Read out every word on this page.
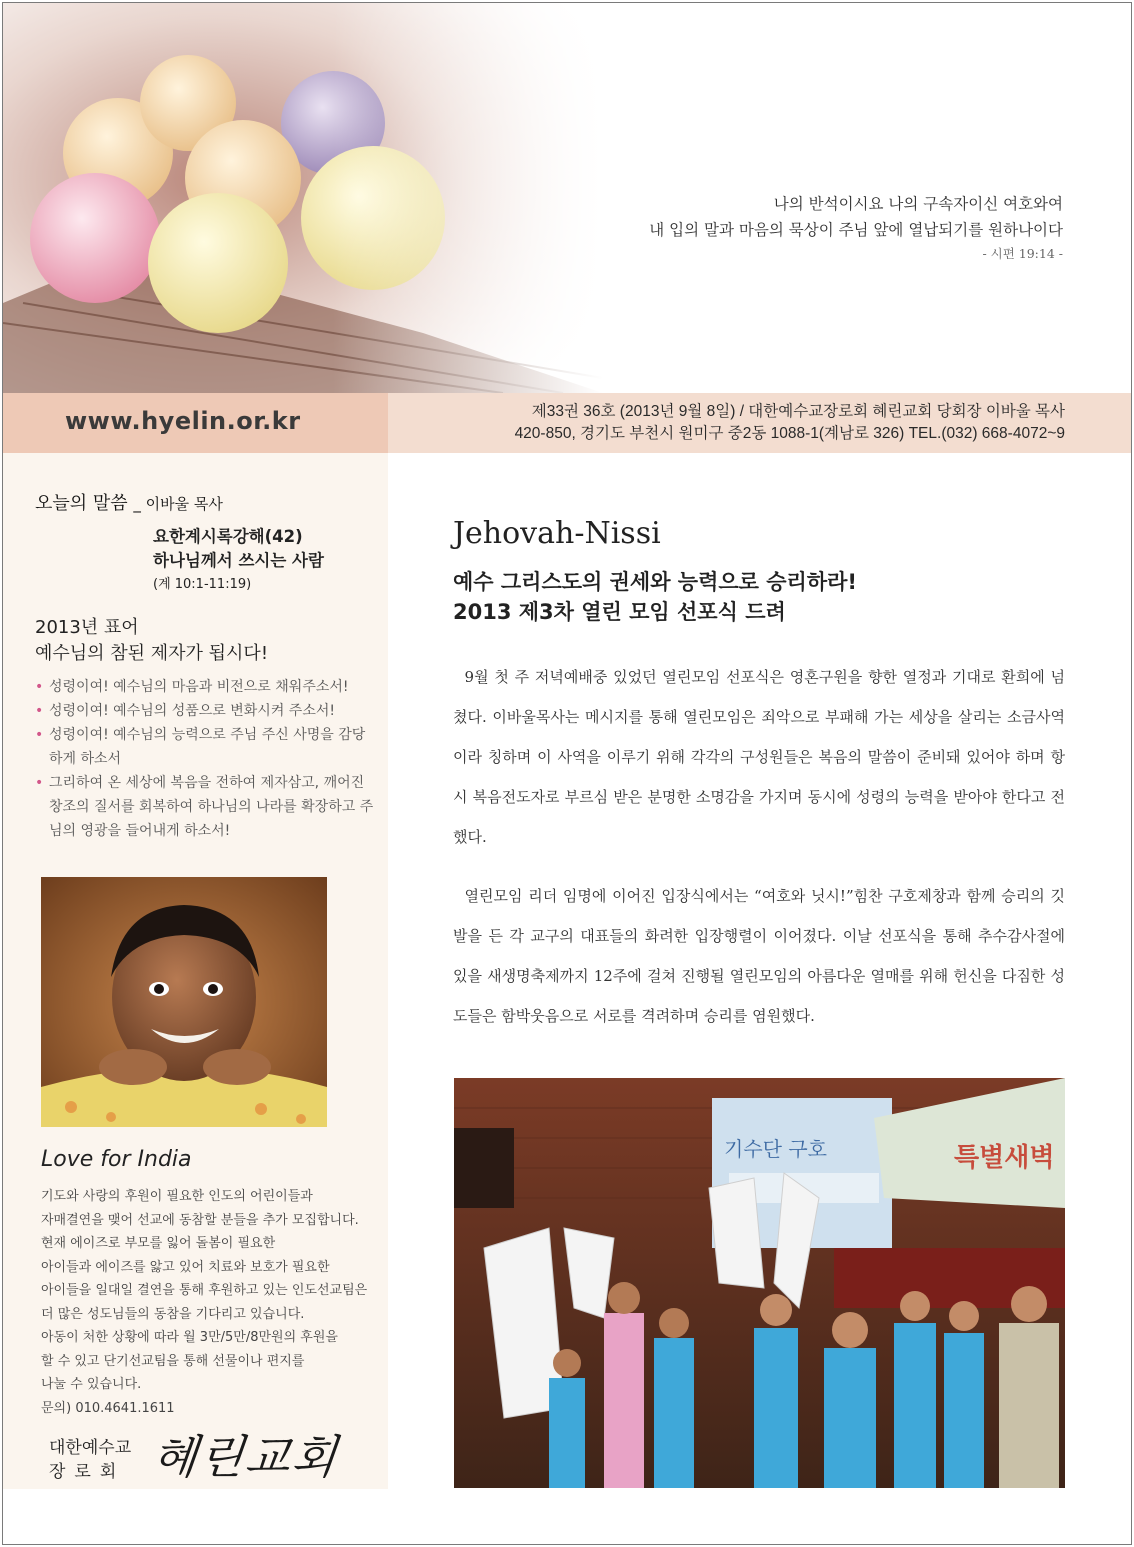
나의 반석이시요 나의 구속자이신 여호와여
내 입의 말과 마음의 묵상이 주님 앞에 열납되기를 원하나이다
- 시편 19:14 -
www.hyelin.or.kr	제33권 36호 (2013년 9월 8일) / 대한예수교장로회 혜린교회 당회장 이바울 목사
420-850, 경기도 부천시 원미구 중2동 1088-1(계남로 326) TEL.(032) 668-4072~9
오늘의 말씀 _ 이바울 목사
요한계시록강해(42)
하나님께서 쓰시는 사람
(계 10:1-11:19)
2013년 표어
예수님의 참된 제자가 됩시다!
• 성령이여! 예수님의 마음과 비전으로 채워주소서!
• 성령이여! 예수님의 성품으로 변화시켜 주소서!
• 성령이여! 예수님의 능력으로 주님 주신 사명을 감당하게 하소서
• 그리하여 온 세상에 복음을 전하여 제자삼고, 깨어진 창조의 질서를 회복하여 하나님의 나라를 확장하고 주님의 영광을 들어내게 하소서!
Love for India
기도와 사랑의 후원이 필요한 인도의 어린이들과
자매결연을 맺어 선교에 동참할 분들을 추가 모집합니다.
현재 에이즈로 부모를 잃어 돌봄이 필요한
아이들과 에이즈를 앓고 있어 치료와 보호가 필요한
아이들을 일대일 결연을 통해 후원하고 있는 인도선교팀은
더 많은 성도님들의 동참을 기다리고 있습니다.
아동이 처한 상황에 따라 월 3만/5만/8만원의 후원을
할 수 있고 단기선교팀을 통해 선물이나 편지를
나눌 수 있습니다.
문의) 010.4641.1611
대한예수교
장로회 혜린교회
Jehovah-Nissi
예수 그리스도의 권세와 능력으로 승리하라!
2013 제3차 열린 모임 선포식 드려

9월 첫 주 저녁예배중 있었던 열린모임 선포식은 영혼구원을 향한 열정과 기대로 환희에 넘쳤다. 이바울목사는 메시지를 통해 열린모임은 죄악으로 부패해 가는 세상을 살리는 소금사역이라 칭하며 이 사역을 이루기 위해 각각의 구성원들은 복음의 말씀이 준비돼 있어야 하며 항시 복음전도자로 부르심 받은 분명한 소명감을 가지며 동시에 성령의 능력을 받아야 한다고 전했다.

열린모임 리더 임명에 이어진 입장식에서는 “여호와 닛시!”힘찬 구호제창과 함께 승리의 깃발을 든 각 교구의 대표들의 화려한 입장행렬이 이어졌다. 이날 선포식을 통해 추수감사절에 있을 새생명축제까지 12주에 걸쳐 진행될 열린모임의 아름다운 열매를 위해 헌신을 다짐한 성도들은 함박웃음으로 서로를 격려하며 승리를 염원했다.

기수단 구호	특별새벽
